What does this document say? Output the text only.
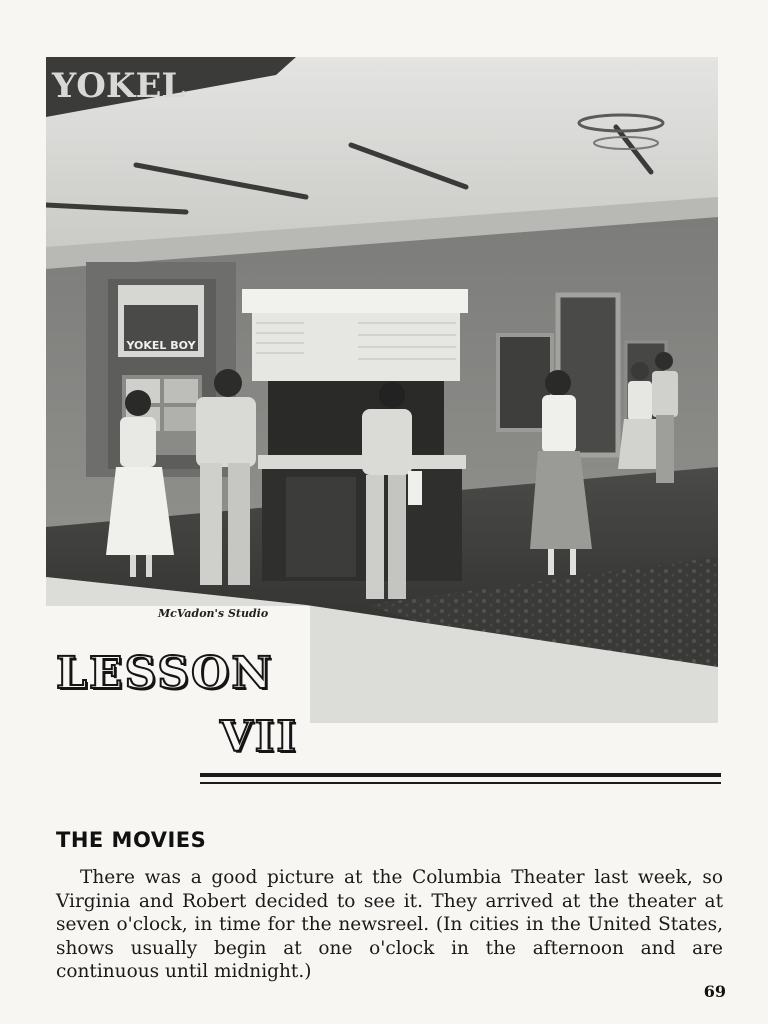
YOKEL
YOKEL BOY
McVadon's Studio
LESSON
VII
THE MOVIES
There was a good picture at the Columbia Theater last week, so Virginia and Robert decided to see it. They arrived at the theater at seven o'clock, in time for the newsreel. (In cities in the United States, shows usually begin at one o'clock in the afternoon and are continuous until midnight.)
69
